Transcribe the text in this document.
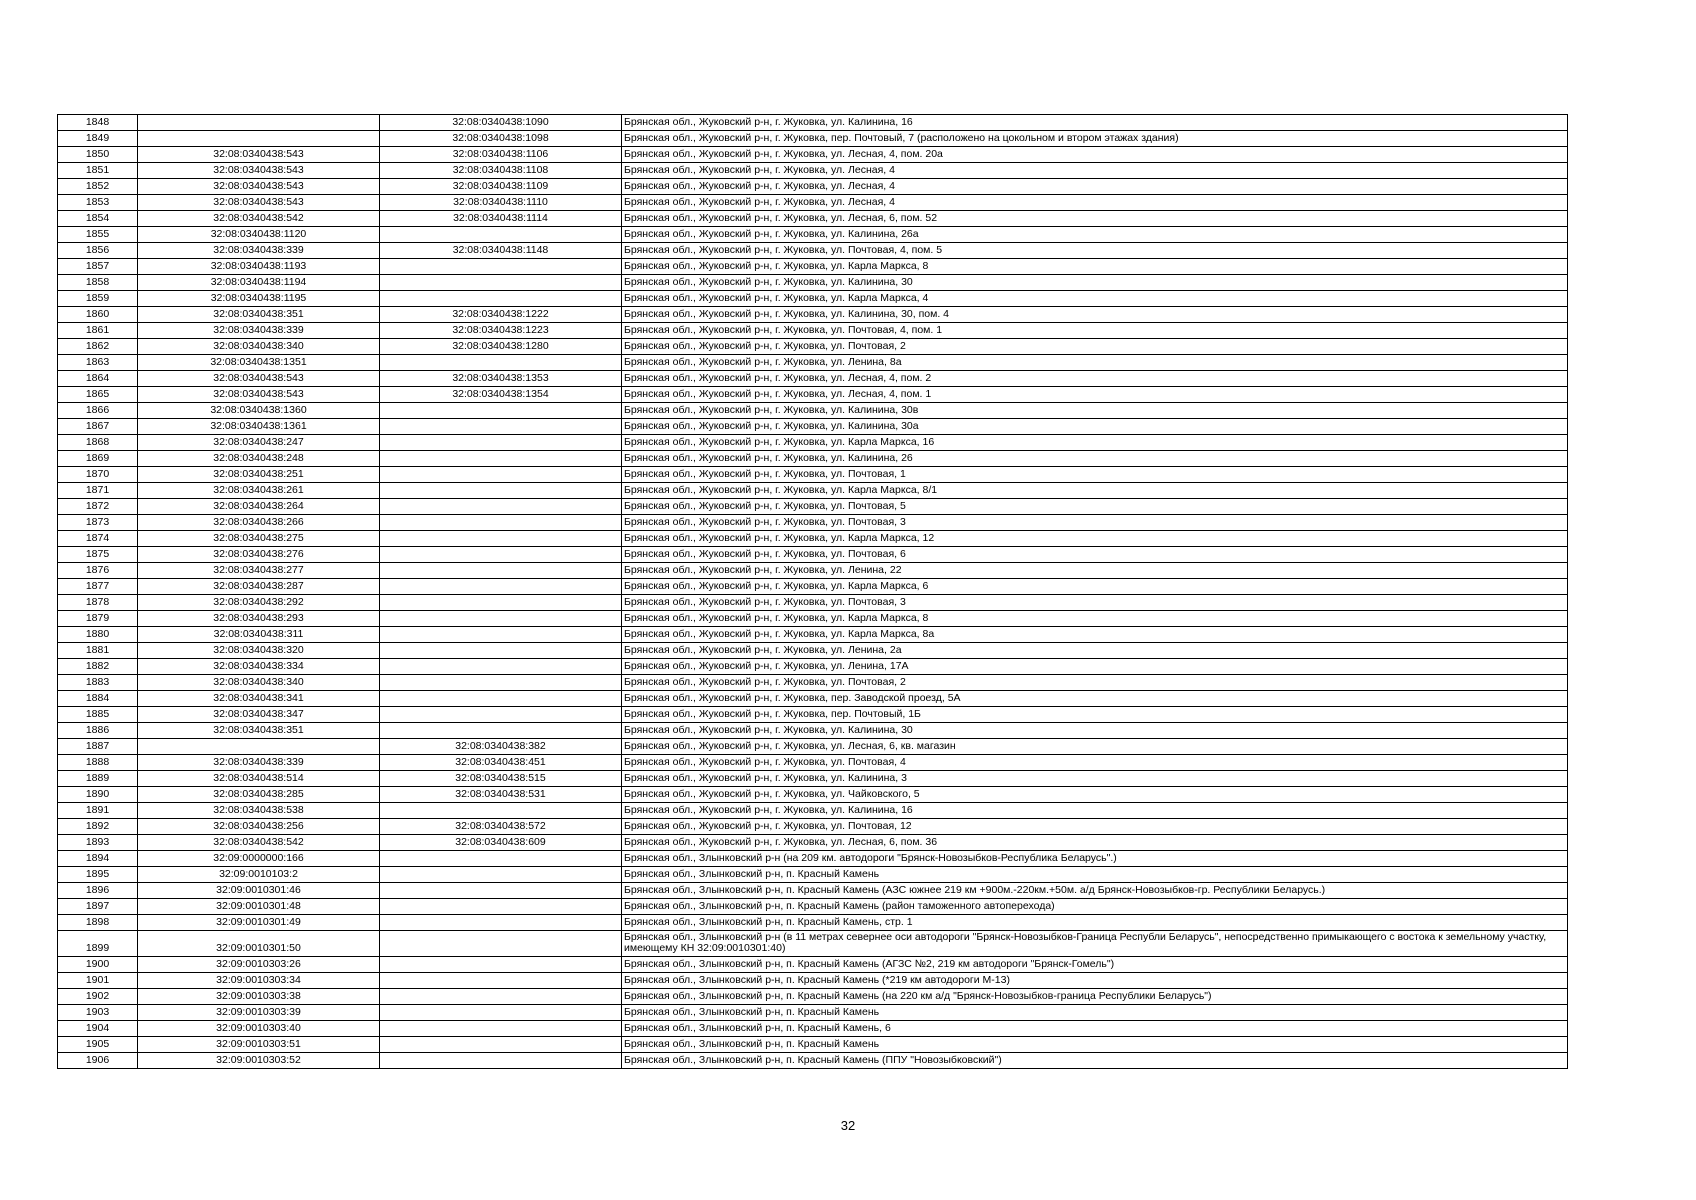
1848		32:08:0340438:1090	Брянская обл., Жуковский р-н, г. Жуковка, ул. Калинина, 16
1849		32:08:0340438:1098	Брянская обл., Жуковский р-н, г. Жуковка, пер. Почтовый, 7 (расположено на цокольном и втором этажах здания)
1850	32:08:0340438:543	32:08:0340438:1106	Брянская обл., Жуковский р-н, г. Жуковка, ул. Лесная, 4, пом. 20а
1851	32:08:0340438:543	32:08:0340438:1108	Брянская обл., Жуковский р-н, г. Жуковка, ул. Лесная, 4
1852	32:08:0340438:543	32:08:0340438:1109	Брянская обл., Жуковский р-н, г. Жуковка, ул. Лесная, 4
1853	32:08:0340438:543	32:08:0340438:1110	Брянская обл., Жуковский р-н, г. Жуковка, ул. Лесная, 4
1854	32:08:0340438:542	32:08:0340438:1114	Брянская обл., Жуковский р-н, г. Жуковка, ул. Лесная, 6, пом. 52
1855	32:08:0340438:1120		Брянская обл., Жуковский р-н, г. Жуковка, ул. Калинина, 26а
1856	32:08:0340438:339	32:08:0340438:1148	Брянская обл., Жуковский р-н, г. Жуковка, ул. Почтовая, 4, пом. 5
1857	32:08:0340438:1193		Брянская обл., Жуковский р-н, г. Жуковка, ул. Карла Маркса, 8
1858	32:08:0340438:1194		Брянская обл., Жуковский р-н, г. Жуковка, ул. Калинина, 30
1859	32:08:0340438:1195		Брянская обл., Жуковский р-н, г. Жуковка, ул. Карла Маркса, 4
1860	32:08:0340438:351	32:08:0340438:1222	Брянская обл., Жуковский р-н, г. Жуковка, ул. Калинина, 30, пом. 4
1861	32:08:0340438:339	32:08:0340438:1223	Брянская обл., Жуковский р-н, г. Жуковка, ул. Почтовая, 4, пом. 1
1862	32:08:0340438:340	32:08:0340438:1280	Брянская обл., Жуковский р-н, г. Жуковка, ул. Почтовая, 2
1863	32:08:0340438:1351		Брянская обл., Жуковский р-н, г. Жуковка, ул. Ленина, 8а
1864	32:08:0340438:543	32:08:0340438:1353	Брянская обл., Жуковский р-н, г. Жуковка, ул. Лесная, 4, пом. 2
1865	32:08:0340438:543	32:08:0340438:1354	Брянская обл., Жуковский р-н, г. Жуковка, ул. Лесная, 4, пом. 1
1866	32:08:0340438:1360		Брянская обл., Жуковский р-н, г. Жуковка, ул. Калинина, 30в
1867	32:08:0340438:1361		Брянская обл., Жуковский р-н, г. Жуковка, ул. Калинина, 30а
1868	32:08:0340438:247		Брянская обл., Жуковский р-н, г. Жуковка, ул. Карла Маркса, 16
1869	32:08:0340438:248		Брянская обл., Жуковский р-н, г. Жуковка, ул. Калинина, 26
1870	32:08:0340438:251		Брянская обл., Жуковский р-н, г. Жуковка, ул. Почтовая, 1
1871	32:08:0340438:261		Брянская обл., Жуковский р-н, г. Жуковка, ул. Карла Маркса, 8/1
1872	32:08:0340438:264		Брянская обл., Жуковский р-н, г. Жуковка, ул. Почтовая, 5
1873	32:08:0340438:266		Брянская обл., Жуковский р-н, г. Жуковка, ул. Почтовая, 3
1874	32:08:0340438:275		Брянская обл., Жуковский р-н, г. Жуковка, ул. Карла Маркса, 12
1875	32:08:0340438:276		Брянская обл., Жуковский р-н, г. Жуковка, ул. Почтовая, 6
1876	32:08:0340438:277		Брянская обл., Жуковский р-н, г. Жуковка, ул. Ленина, 22
1877	32:08:0340438:287		Брянская обл., Жуковский р-н, г. Жуковка, ул. Карла Маркса, 6
1878	32:08:0340438:292		Брянская обл., Жуковский р-н, г. Жуковка, ул. Почтовая, 3
1879	32:08:0340438:293		Брянская обл., Жуковский р-н, г. Жуковка, ул. Карла Маркса, 8
1880	32:08:0340438:311		Брянская обл., Жуковский р-н, г. Жуковка, ул. Карла Маркса, 8а
1881	32:08:0340438:320		Брянская обл., Жуковский р-н, г. Жуковка, ул. Ленина, 2а
1882	32:08:0340438:334		Брянская обл., Жуковский р-н, г. Жуковка, ул. Ленина, 17А
1883	32:08:0340438:340		Брянская обл., Жуковский р-н, г. Жуковка, ул. Почтовая, 2
1884	32:08:0340438:341		Брянская обл., Жуковский р-н, г. Жуковка, пер. Заводской проезд, 5А
1885	32:08:0340438:347		Брянская обл., Жуковский р-н, г. Жуковка, пер. Почтовый, 1Б
1886	32:08:0340438:351		Брянская обл., Жуковский р-н, г. Жуковка, ул. Калинина, 30
1887		32:08:0340438:382	Брянская обл., Жуковский р-н, г. Жуковка, ул. Лесная, 6, кв. магазин
1888	32:08:0340438:339	32:08:0340438:451	Брянская обл., Жуковский р-н, г. Жуковка, ул. Почтовая, 4
1889	32:08:0340438:514	32:08:0340438:515	Брянская обл., Жуковский р-н, г. Жуковка, ул. Калинина, 3
1890	32:08:0340438:285	32:08:0340438:531	Брянская обл., Жуковский р-н, г. Жуковка, ул. Чайковского, 5
1891	32:08:0340438:538		Брянская обл., Жуковский р-н, г. Жуковка, ул. Калинина, 16
1892	32:08:0340438:256	32:08:0340438:572	Брянская обл., Жуковский р-н, г. Жуковка, ул. Почтовая, 12
1893	32:08:0340438:542	32:08:0340438:609	Брянская обл., Жуковский р-н, г. Жуковка, ул. Лесная, 6, пом. 36
1894	32:09:0000000:166		Брянская обл., Злынковский р-н (на 209 км. автодороги "Брянск-Новозыбков-Республика Беларусь".)
1895	32:09:0010103:2		Брянская обл., Злынковский р-н, п. Красный Камень
1896	32:09:0010301:46		Брянская обл., Злынковский р-н, п. Красный Камень (АЗС южнее 219 км +900м.-220км.+50м. а/д Брянск-Новозыбков-гр. Республики Беларусь.)
1897	32:09:0010301:48		Брянская обл., Злынковский р-н, п. Красный Камень (район таможенного автоперехода)
1898	32:09:0010301:49		Брянская обл., Злынковский р-н, п. Красный Камень, стр. 1
1899	32:09:0010301:50		Брянская обл., Злынковский р-н (в 11 метрах севернее оси автодороги "Брянск-Новозыбков-Граница Республи Беларусь", непосредственно примыкающего с востока к земельному участку, имеющему КН 32:09:0010301:40)
1900	32:09:0010303:26		Брянская обл., Злынковский р-н, п. Красный Камень (АГЗС №2, 219 км автодороги "Брянск-Гомель")
1901	32:09:0010303:34		Брянская обл., Злынковский р-н, п. Красный Камень (*219 км автодороги М-13)
1902	32:09:0010303:38		Брянская обл., Злынковский р-н, п. Красный Камень (на 220 км а/д "Брянск-Новозыбков-граница Республики Беларусь")
1903	32:09:0010303:39		Брянская обл., Злынковский р-н, п. Красный Камень
1904	32:09:0010303:40		Брянская обл., Злынковский р-н, п. Красный Камень, 6
1905	32:09:0010303:51		Брянская обл., Злынковский р-н, п. Красный Камень
1906	32:09:0010303:52		Брянская обл., Злынковский р-н, п. Красный Камень (ППУ "Новозыбковский")
32
